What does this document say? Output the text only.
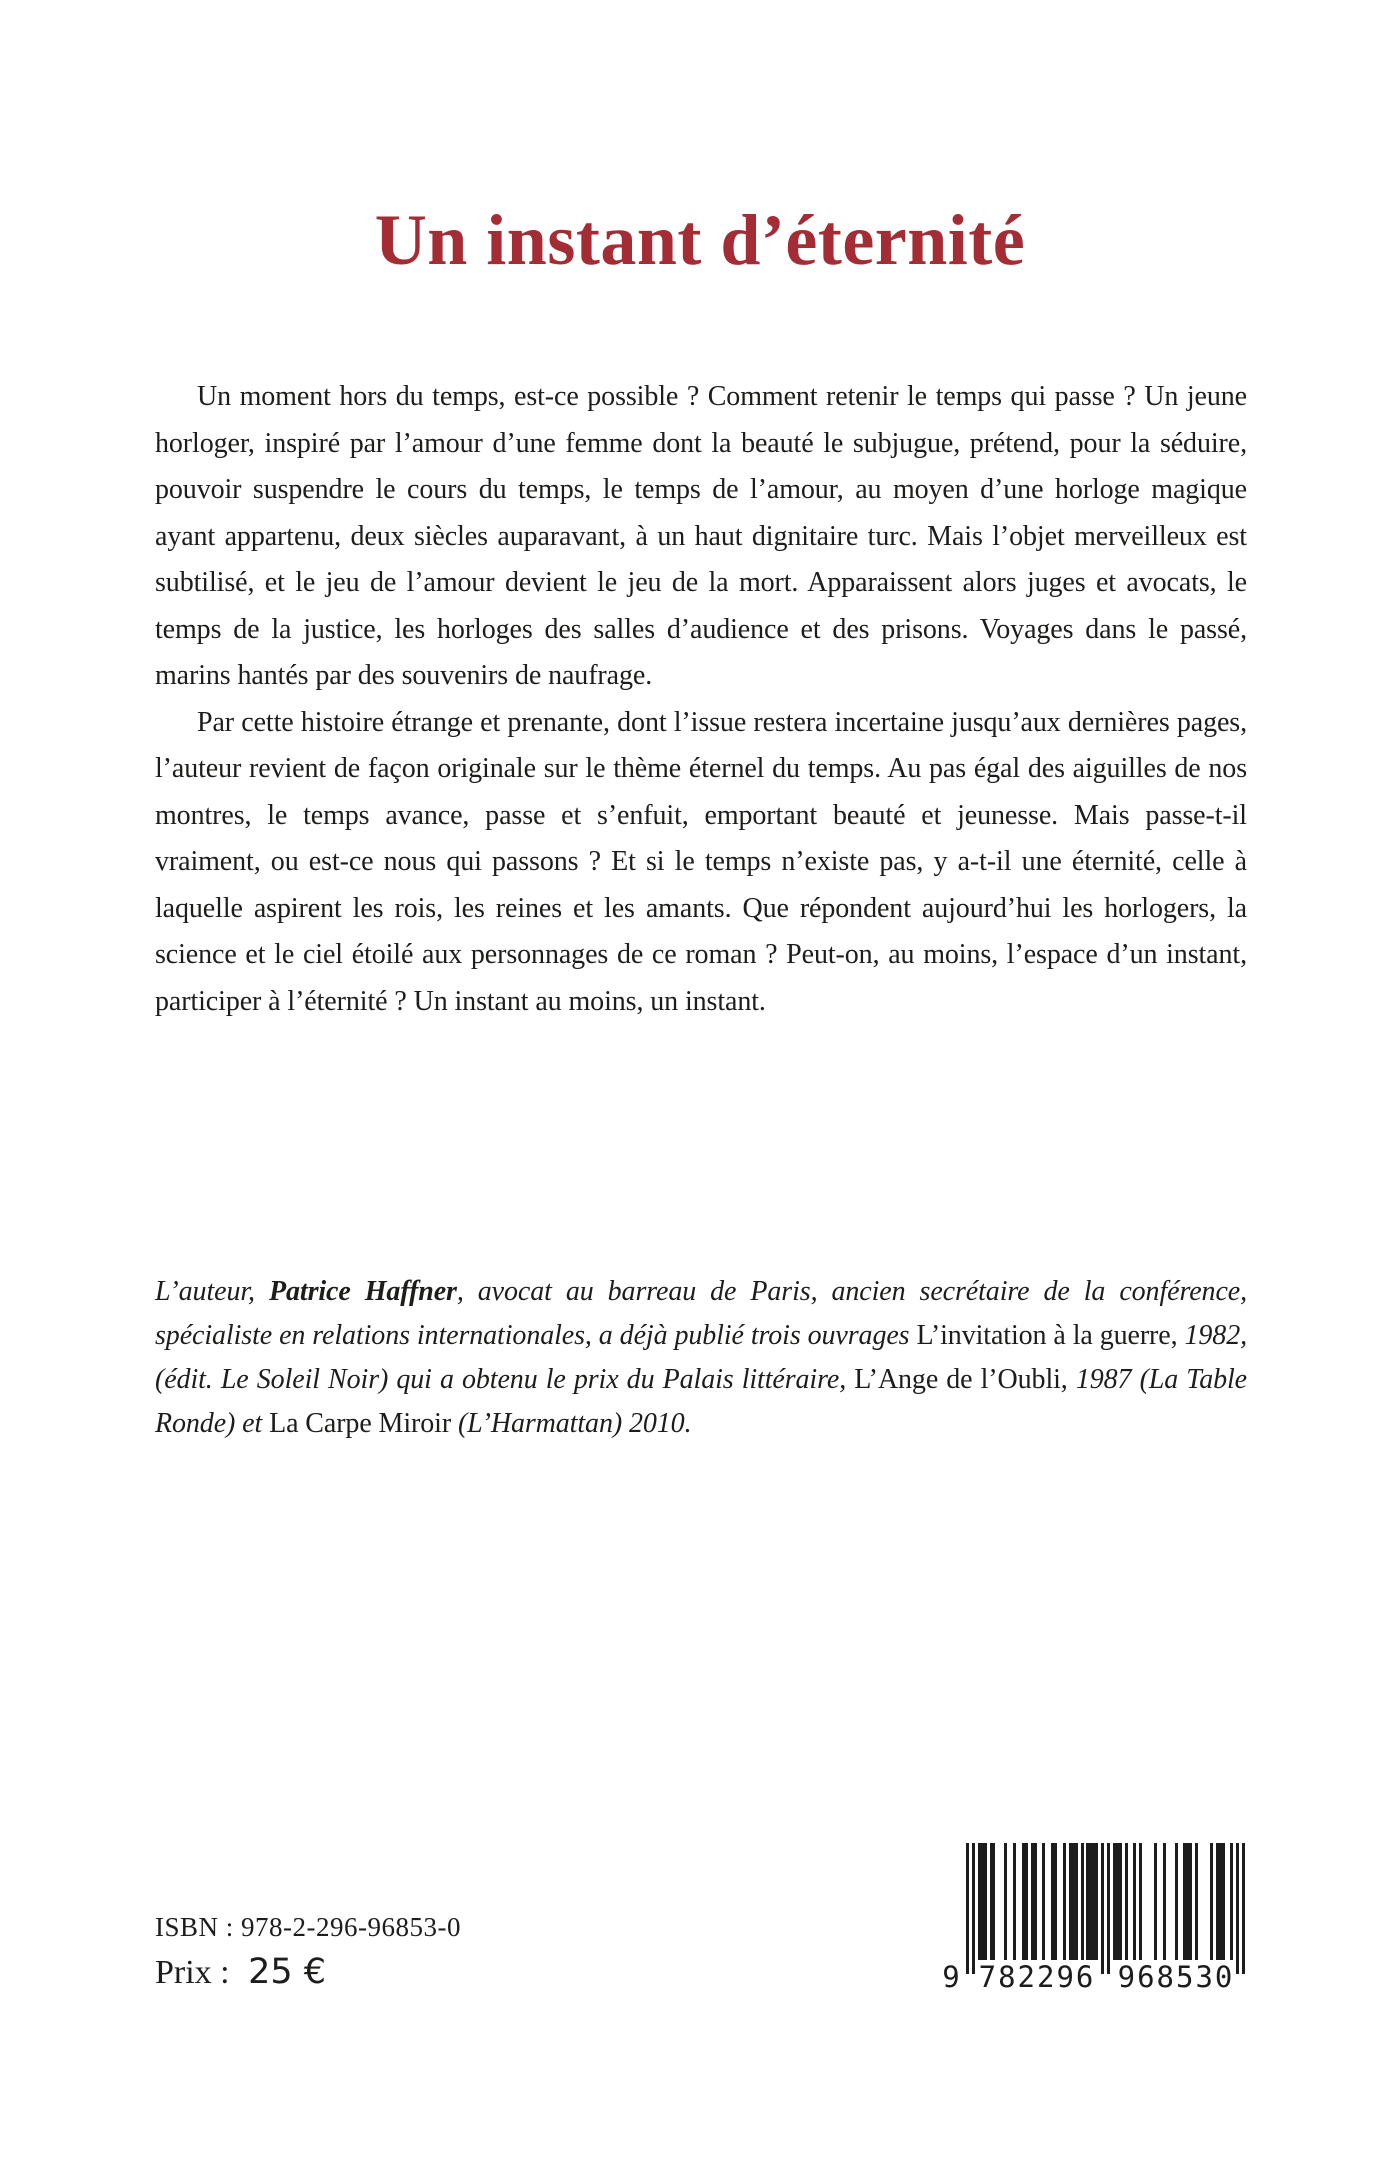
Un instant d’éternité

Un moment hors du temps, est-ce possible ? Comment retenir le temps qui passe ? Un jeune horloger, inspiré par l’amour d’une femme dont la beauté le subjugue, prétend, pour la séduire, pouvoir suspendre le cours du temps, le temps de l’amour, au moyen d’une horloge magique ayant appartenu, deux siècles auparavant, à un haut dignitaire turc. Mais l’objet merveilleux est subtilisé, et le jeu de l’amour devient le jeu de la mort. Apparaissent alors juges et avocats, le temps de la justice, les horloges des salles d’audience et des prisons. Voyages dans le passé, marins hantés par des souvenirs de naufrage.

Par cette histoire étrange et prenante, dont l’issue restera incertaine jusqu’aux dernières pages, l’auteur revient de façon originale sur le thème éternel du temps. Au pas égal des aiguilles de nos montres, le temps avance, passe et s’enfuit, emportant beauté et jeunesse. Mais passe-t-il vraiment, ou est-ce nous qui passons ? Et si le temps n’existe pas, y a-t-il une éternité, celle à laquelle aspirent les rois, les reines et les amants. Que répondent aujourd’hui les horlogers, la science et le ciel étoilé aux personnages de ce roman ? Peut-on, au moins, l’espace d’un instant, participer à l’éternité ? Un instant au moins, un instant.

L’auteur, Patrice Haffner, avocat au barreau de Paris, ancien secrétaire de la conférence, spécialiste en relations internationales, a déjà publié trois ouvrages L’invitation à la guerre, 1982, (édit. Le Soleil Noir) qui a obtenu le prix du Palais littéraire, L’Ange de l’Oubli, 1987 (La Table Ronde) et La Carpe Miroir (L’Harmattan) 2010.
ISBN : 978-2-296-96853-0
Prix : 25 €	9 782296 968530
